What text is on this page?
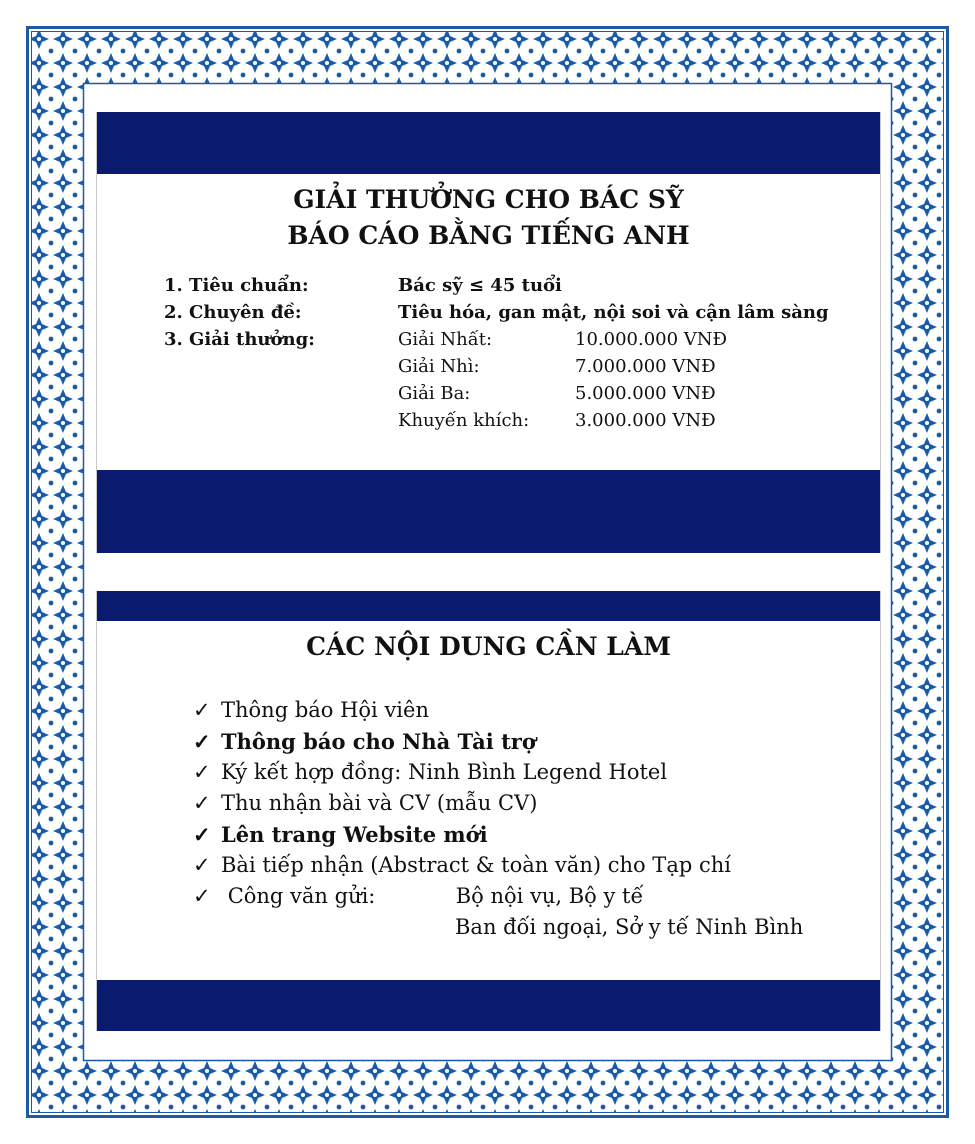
GIẢI THƯỞNG CHO BÁC SỸ
BÁO CÁO BẰNG TIẾNG ANH
1. Tiêu chuẩn:	Bác sỹ ≤ 45 tuổi
2. Chuyên đề:	Tiêu hóa, gan mật, nội soi và cận lâm sàng
3. Giải thưởng:	Giải Nhất:	10.000.000 VNĐ
Giải Nhì:	7.000.000 VNĐ
Giải Ba:	5.000.000 VNĐ
Khuyến khích:	3.000.000 VNĐ
CÁC NỘI DUNG CẦN LÀM
✓ Thông báo Hội viên
✓ Thông báo cho Nhà Tài trợ
✓ Ký kết hợp đồng: Ninh Bình Legend Hotel
✓ Thu nhận bài và CV (mẫu CV)
✓ Lên trang Website mới
✓ Bài tiếp nhận (Abstract & toàn văn) cho Tạp chí
✓ Công văn gửi:	Bộ nội vụ, Bộ y tế
Ban đối ngoại, Sở y tế Ninh Bình
